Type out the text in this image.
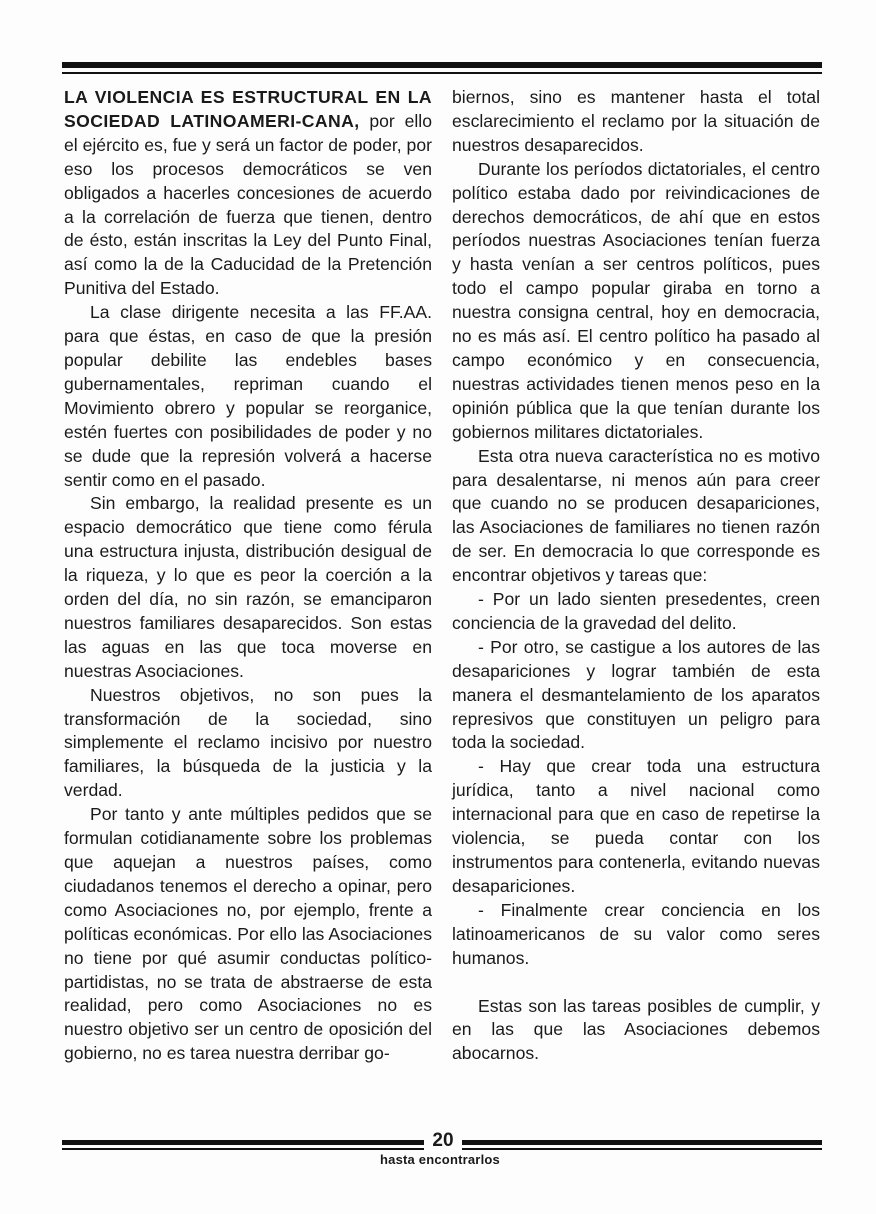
LA VIOLENCIA ES ESTRUCTURAL EN LA SOCIEDAD LATINOAMERI-CANA, por ello el ejército es, fue y será un factor de poder, por eso los procesos democráticos se ven obligados a hacerles concesiones de acuerdo a la correlación de fuerza que tienen, dentro de ésto, están inscritas la Ley del Punto Final, así como la de la Caducidad de la Pretención Punitiva del Estado.

La clase dirigente necesita a las FF.AA. para que éstas, en caso de que la presión popular debilite las endebles bases gubernamentales, repriman cuando el Movimiento obrero y popular se reorganice, estén fuertes con posibilidades de poder y no se dude que la represión volverá a hacerse sentir como en el pasado.

Sin embargo, la realidad presente es un espacio democrático que tiene como férula una estructura injusta, distribución desigual de la riqueza, y lo que es peor la coerción a la orden del día, no sin razón, se emanciparon nuestros familiares desaparecidos. Son estas las aguas en las que toca moverse en nuestras Asociaciones.

Nuestros objetivos, no son pues la transformación de la sociedad, sino simplemente el reclamo incisivo por nuestro familiares, la búsqueda de la justicia y la verdad.

Por tanto y ante múltiples pedidos que se formulan cotidianamente sobre los problemas que aquejan a nuestros países, como ciudadanos tenemos el derecho a opinar, pero como Asociaciones no, por ejemplo, frente a políticas económicas. Por ello las Asociaciones no tiene por qué asumir conductas político-partidistas, no se trata de abstraerse de esta realidad, pero como Asociaciones no es nuestro objetivo ser un centro de oposición del gobierno, no es tarea nuestra derribar go-

biernos, sino es mantener hasta el total esclarecimiento el reclamo por la situación de nuestros desaparecidos.

Durante los períodos dictatoriales, el centro político estaba dado por reivindicaciones de derechos democráticos, de ahí que en estos períodos nuestras Asociaciones tenían fuerza y hasta venían a ser centros políticos, pues todo el campo popular giraba en torno a nuestra consigna central, hoy en democracia, no es más así. El centro político ha pasado al campo económico y en consecuencia, nuestras actividades tienen menos peso en la opinión pública que la que tenían durante los gobiernos militares dictatoriales.

Esta otra nueva característica no es motivo para desalentarse, ni menos aún para creer que cuando no se producen desapariciones, las Asociaciones de familiares no tienen razón de ser. En democracia lo que corresponde es encontrar objetivos y tareas que:

- Por un lado sienten presedentes, creen conciencia de la gravedad del delito.

- Por otro, se castigue a los autores de las desapariciones y lograr también de esta manera el desmantelamiento de los aparatos represivos que constituyen un peligro para toda la sociedad.

- Hay que crear toda una estructura jurídica, tanto a nivel nacional como internacional para que en caso de repetirse la violencia, se pueda contar con los instrumentos para contenerla, evitando nuevas desapariciones.

- Finalmente crear conciencia en los latinoamericanos de su valor como seres humanos.

Estas son las tareas posibles de cumplir, y en las que las Asociaciones debemos abocarnos.

20
hasta encontrarlos
